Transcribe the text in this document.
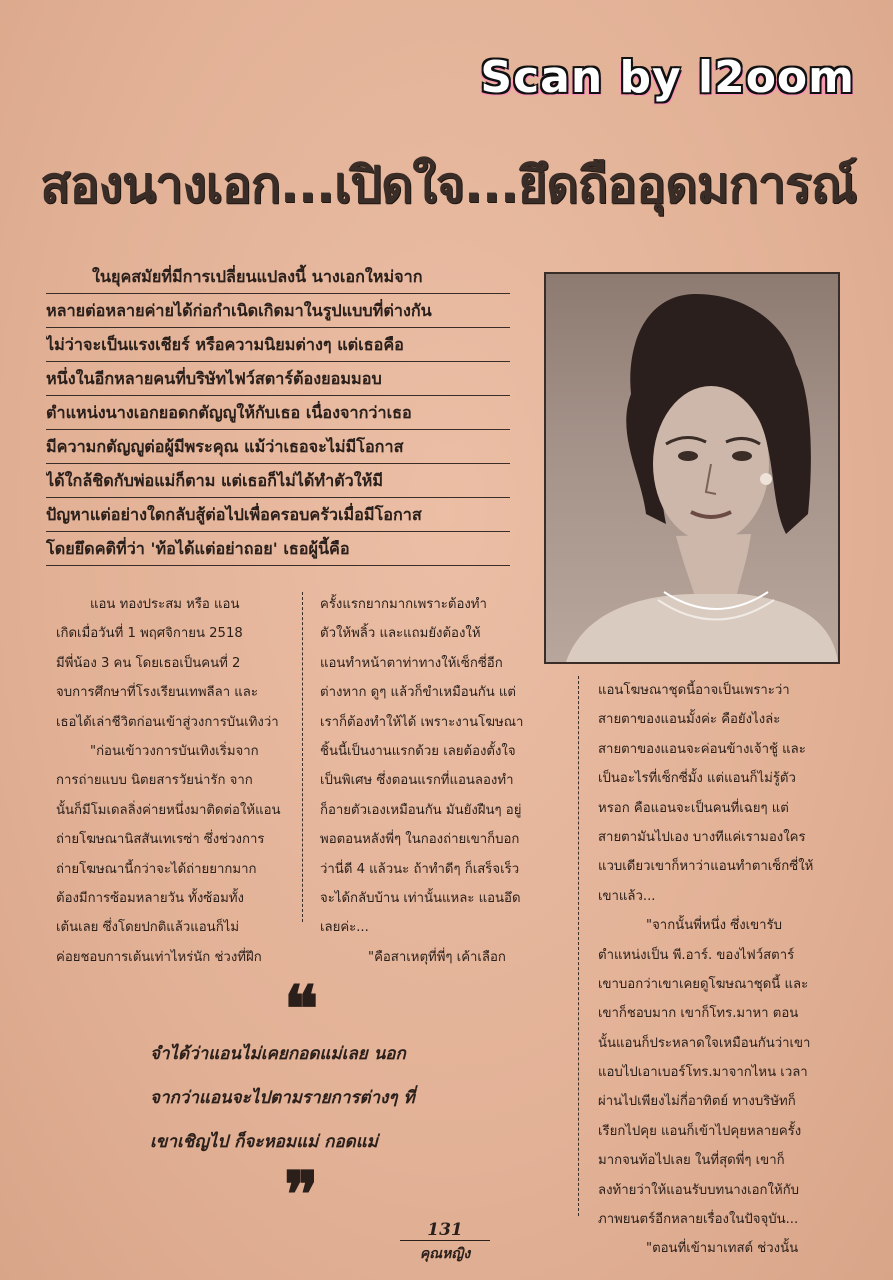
Scan by l2oom
สองนางเอก...เปิดใจ...ยึดถืออุดมการณ์
ในยุคสมัยที่มีการเปลี่ยนแปลงนี้ นางเอกใหม่จาก
หลายต่อหลายค่ายได้ก่อกำเนิดเกิดมาในรูปแบบที่ต่างกัน
ไม่ว่าจะเป็นแรงเชียร์ หรือความนิยมต่างๆ แต่เธอคือ
หนึ่งในอีกหลายคนที่บริษัทไฟว์สตาร์ต้องยอมมอบ
ตำแหน่งนางเอกยอดกตัญญูให้กับเธอ เนื่องจากว่าเธอ
มีความกตัญญูต่อผู้มีพระคุณ แม้ว่าเธอจะไม่มีโอกาส
ได้ใกล้ชิดกับพ่อแม่ก็ตาม แต่เธอก็ไม่ได้ทำตัวให้มี
ปัญหาแต่อย่างใดกลับสู้ต่อไปเพื่อครอบครัวเมื่อมีโอกาส
โดยยึดคติที่ว่า 'ท้อได้แต่อย่าถอย' เธอผู้นี้คือ
แอน ทองประสม หรือ แอน
เกิดเมื่อวันที่ 1 พฤศจิกายน 2518
มีพี่น้อง 3 คน โดยเธอเป็นคนที่ 2
จบการศึกษาที่โรงเรียนเทพลีลา และ
เธอได้เล่าชีวิตก่อนเข้าสู่วงการบันเทิงว่า
"ก่อนเข้าวงการบันเทิงเริ่มจาก
การถ่ายแบบ นิตยสารวัยน่ารัก จาก
นั้นก็มีโมเดลลิ่งค่ายหนึ่งมาติดต่อให้แอน
ถ่ายโฆษณานิสสันเทเรซ่า ซึ่งช่วงการ
ถ่ายโฆษณานี้กว่าจะได้ถ่ายยากมาก
ต้องมีการซ้อมหลายวัน ทั้งซ้อมทั้ง
เต้นเลย ซึ่งโดยปกติแล้วแอนก็ไม่
ค่อยชอบการเต้นเท่าไหร่นัก ช่วงที่ฝึก
ครั้งแรกยากมากเพราะต้องทำ
ตัวให้พลิ้ว และแถมยังต้องให้
แอนทำหน้าตาท่าทางให้เซ็กซี่อีก
ต่างหาก ดูๆ แล้วก็ขำเหมือนกัน แต่
เราก็ต้องทำให้ได้ เพราะงานโฆษณา
ชิ้นนี้เป็นงานแรกด้วย เลยต้องตั้งใจ
เป็นพิเศษ ซึ่งตอนแรกที่แอนลองทำ
ก็อายตัวเองเหมือนกัน มันยังฝืนๆ อยู่
พอตอนหลังพี่ๆ ในกองถ่ายเขาก็บอก
ว่านี่ดี 4 แล้วนะ ถ้าทำดีๆ ก็เสร็จเร็ว
จะได้กลับบ้าน เท่านั้นแหละ แอนอึด
เลยค่ะ...
"คือสาเหตุที่พี่ๆ เค้าเลือก
แอนโฆษณาชุดนี้อาจเป็นเพราะว่า
สายตาของแอนมั้งค่ะ คือยังไงล่ะ
สายตาของแอนจะค่อนข้างเจ้าชู้ และ
เป็นอะไรที่เซ็กซี่มั้ง แต่แอนก็ไม่รู้ตัว
หรอก คือแอนจะเป็นคนที่เฉยๆ แต่
สายตามันไปเอง บางทีแค่เรามองใคร
แวบเดียวเขาก็หาว่าแอนทำตาเซ็กซี่ให้
เขาแล้ว...
"จากนั้นพี่หนึ่ง ซึ่งเขารับ
ตำแหน่งเป็น พี.อาร์. ของไฟว์สตาร์
เขาบอกว่าเขาเคยดูโฆษณาชุดนี้ และ
เขาก็ชอบมาก เขาก็โทร.มาหา ตอน
นั้นแอนก็ประหลาดใจเหมือนกันว่าเขา
แอบไปเอาเบอร์โทร.มาจากไหน เวลา
ผ่านไปเพียงไม่กี่อาทิตย์ ทางบริษัทก็
เรียกไปคุย แอนก็เข้าไปคุยหลายครั้ง
มากจนท้อไปเลย ในที่สุดพี่ๆ เขาก็
ลงท้ายว่าให้แอนรับบทนางเอกให้กับ
ภาพยนตร์อีกหลายเรื่องในปัจจุบัน...
"ตอนที่เข้ามาเทสต์ ช่วงนั้น
❝
จำได้ว่าแอนไม่เคยกอดแม่เลย นอก
จากว่าแอนจะไปตามรายการต่างๆ ที่
เขาเชิญไป ก็จะหอมแม่ กอดแม่
❞	131
คุณหญิง
